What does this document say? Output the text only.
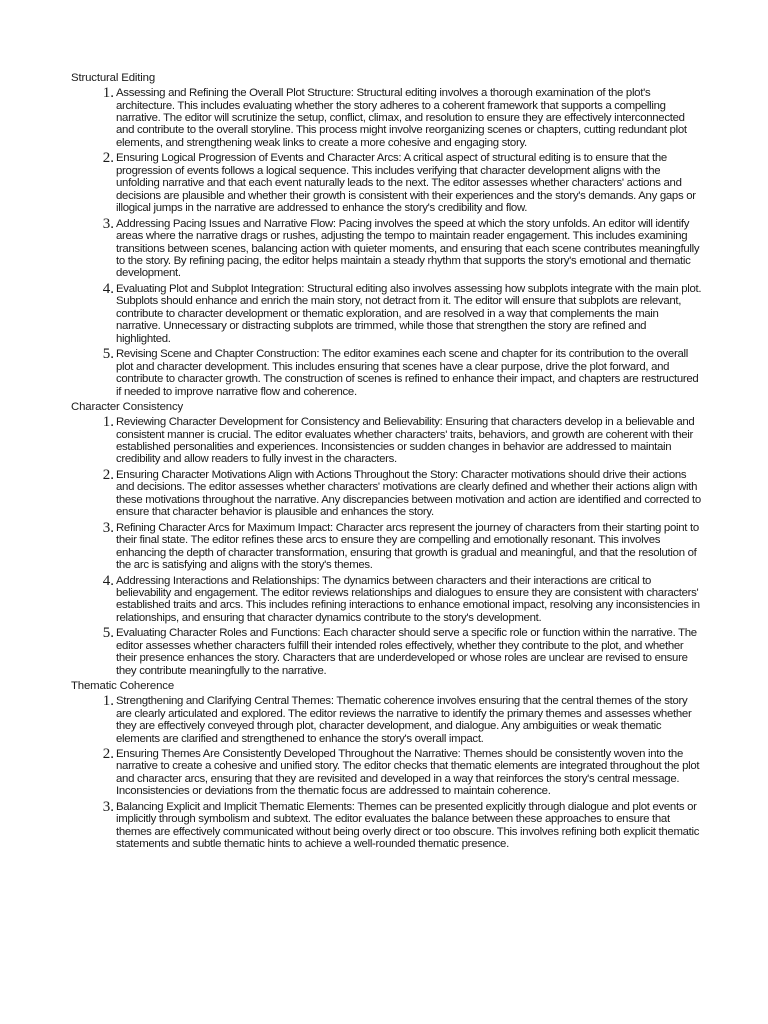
Structural Editing

1. Assessing and Refining the Overall Plot Structure: Structural editing involves a thorough examination of the plot's architecture. This includes evaluating whether the story adheres to a coherent framework that supports a compelling narrative. The editor will scrutinize the setup, conflict, climax, and resolution to ensure they are effectively interconnected and contribute to the overall storyline. This process might involve reorganizing scenes or chapters, cutting redundant plot elements, and strengthening weak links to create a more cohesive and engaging story.
2. Ensuring Logical Progression of Events and Character Arcs: A critical aspect of structural editing is to ensure that the progression of events follows a logical sequence. This includes verifying that character development aligns with the unfolding narrative and that each event naturally leads to the next. The editor assesses whether characters' actions and decisions are plausible and whether their growth is consistent with their experiences and the story's demands. Any gaps or illogical jumps in the narrative are addressed to enhance the story's credibility and flow.
3. Addressing Pacing Issues and Narrative Flow: Pacing involves the speed at which the story unfolds. An editor will identify areas where the narrative drags or rushes, adjusting the tempo to maintain reader engagement. This includes examining transitions between scenes, balancing action with quieter moments, and ensuring that each scene contributes meaningfully to the story. By refining pacing, the editor helps maintain a steady rhythm that supports the story's emotional and thematic development.
4. Evaluating Plot and Subplot Integration: Structural editing also involves assessing how subplots integrate with the main plot. Subplots should enhance and enrich the main story, not detract from it. The editor will ensure that subplots are relevant, contribute to character development or thematic exploration, and are resolved in a way that complements the main narrative. Unnecessary or distracting subplots are trimmed, while those that strengthen the story are refined and highlighted.
5. Revising Scene and Chapter Construction: The editor examines each scene and chapter for its contribution to the overall plot and character development. This includes ensuring that scenes have a clear purpose, drive the plot forward, and contribute to character growth. The construction of scenes is refined to enhance their impact, and chapters are restructured if needed to improve narrative flow and coherence.

Character Consistency

1. Reviewing Character Development for Consistency and Believability: Ensuring that characters develop in a believable and consistent manner is crucial. The editor evaluates whether characters' traits, behaviors, and growth are coherent with their established personalities and experiences. Inconsistencies or sudden changes in behavior are addressed to maintain credibility and allow readers to fully invest in the characters.
2. Ensuring Character Motivations Align with Actions Throughout the Story: Character motivations should drive their actions and decisions. The editor assesses whether characters' motivations are clearly defined and whether their actions align with these motivations throughout the narrative. Any discrepancies between motivation and action are identified and corrected to ensure that character behavior is plausible and enhances the story.
3. Refining Character Arcs for Maximum Impact: Character arcs represent the journey of characters from their starting point to their final state. The editor refines these arcs to ensure they are compelling and emotionally resonant. This involves enhancing the depth of character transformation, ensuring that growth is gradual and meaningful, and that the resolution of the arc is satisfying and aligns with the story's themes.
4. Addressing Interactions and Relationships: The dynamics between characters and their interactions are critical to believability and engagement. The editor reviews relationships and dialogues to ensure they are consistent with characters' established traits and arcs. This includes refining interactions to enhance emotional impact, resolving any inconsistencies in relationships, and ensuring that character dynamics contribute to the story's development.
5. Evaluating Character Roles and Functions: Each character should serve a specific role or function within the narrative. The editor assesses whether characters fulfill their intended roles effectively, whether they contribute to the plot, and whether their presence enhances the story. Characters that are underdeveloped or whose roles are unclear are revised to ensure they contribute meaningfully to the narrative.

Thematic Coherence

1. Strengthening and Clarifying Central Themes: Thematic coherence involves ensuring that the central themes of the story are clearly articulated and explored. The editor reviews the narrative to identify the primary themes and assesses whether they are effectively conveyed through plot, character development, and dialogue. Any ambiguities or weak thematic elements are clarified and strengthened to enhance the story's overall impact.
2. Ensuring Themes Are Consistently Developed Throughout the Narrative: Themes should be consistently woven into the narrative to create a cohesive and unified story. The editor checks that thematic elements are integrated throughout the plot and character arcs, ensuring that they are revisited and developed in a way that reinforces the story's central message. Inconsistencies or deviations from the thematic focus are addressed to maintain coherence.
3. Balancing Explicit and Implicit Thematic Elements: Themes can be presented explicitly through dialogue and plot events or implicitly through symbolism and subtext. The editor evaluates the balance between these approaches to ensure that themes are effectively communicated without being overly direct or too obscure. This involves refining both explicit thematic statements and subtle thematic hints to achieve a well-rounded thematic presence.
